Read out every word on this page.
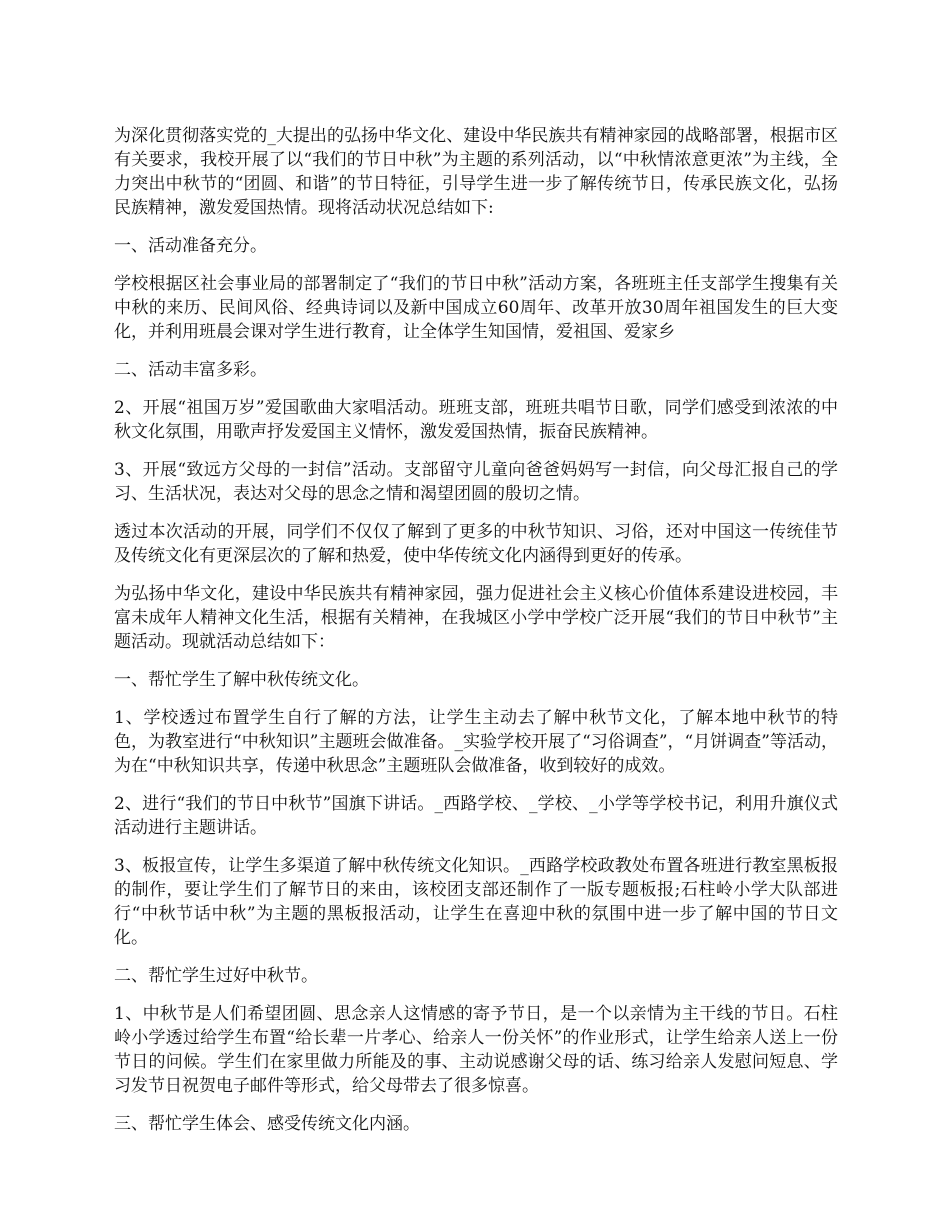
为深化贯彻落实党的_大提出的弘扬中华文化、建设中华民族共有精神家园的战略部署，根据市区有关要求，我校开展了以“我们的节日中秋”为主题的系列活动，以“中秋情浓意更浓”为主线，全力突出中秋节的“团圆、和谐”的节日特征，引导学生进一步了解传统节日，传承民族文化，弘扬民族精神，激发爱国热情。现将活动状况总结如下:

一、活动准备充分。

学校根据区社会事业局的部署制定了“我们的节日中秋”活动方案，各班班主任支部学生搜集有关中秋的来历、民间风俗、经典诗词以及新中国成立60周年、改革开放30周年祖国发生的巨大变化，并利用班晨会课对学生进行教育，让全体学生知国情，爱祖国、爱家乡

二、活动丰富多彩。

2、开展“祖国万岁”爱国歌曲大家唱活动。班班支部，班班共唱节日歌，同学们感受到浓浓的中秋文化氛围，用歌声抒发爱国主义情怀，激发爱国热情，振奋民族精神。

3、开展“致远方父母的一封信”活动。支部留守儿童向爸爸妈妈写一封信，向父母汇报自己的学习、生活状况，表达对父母的思念之情和渴望团圆的殷切之情。

透过本次活动的开展，同学们不仅仅了解到了更多的中秋节知识、习俗，还对中国这一传统佳节及传统文化有更深层次的了解和热爱，使中华传统文化内涵得到更好的传承。

为弘扬中华文化，建设中华民族共有精神家园，强力促进社会主义核心价值体系建设进校园，丰富未成年人精神文化生活，根据有关精神，在我城区小学中学校广泛开展“我们的节日中秋节”主题活动。现就活动总结如下：

一、帮忙学生了解中秋传统文化。

1、学校透过布置学生自行了解的方法，让学生主动去了解中秋节文化，了解本地中秋节的特色，为教室进行“中秋知识”主题班会做准备。_实验学校开展了“习俗调查”，“月饼调查”等活动，为在“中秋知识共享，传递中秋思念”主题班队会做准备，收到较好的成效。

2、进行“我们的节日中秋节”国旗下讲话。_西路学校、_学校、_小学等学校书记，利用升旗仪式活动进行主题讲话。

3、板报宣传，让学生多渠道了解中秋传统文化知识。_西路学校政教处布置各班进行教室黑板报的制作，要让学生们了解节日的来由，该校团支部还制作了一版专题板报;石柱岭小学大队部进行“中秋节话中秋”为主题的黑板报活动，让学生在喜迎中秋的氛围中进一步了解中国的节日文化。

二、帮忙学生过好中秋节。

1、中秋节是人们希望团圆、思念亲人这情感的寄予节日，是一个以亲情为主干线的节日。石柱岭小学透过给学生布置“给长辈一片孝心、给亲人一份关怀”的作业形式，让学生给亲人送上一份节日的问候。学生们在家里做力所能及的事、主动说感谢父母的话、练习给亲人发慰问短息、学习发节日祝贺电子邮件等形式，给父母带去了很多惊喜。

三、帮忙学生体会、感受传统文化内涵。
